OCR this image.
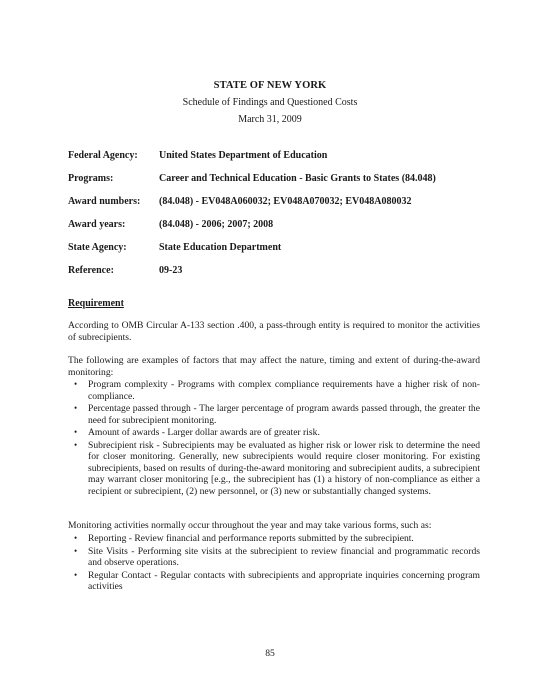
STATE OF NEW YORK
Schedule of Findings and Questioned Costs
March 31, 2009
Federal Agency: United States Department of Education
Programs:	Career and Technical Education - Basic Grants to States (84.048)
Award numbers: (84.048) - EV048A060032; EV048A070032; EV048A080032
Award years:	(84.048) - 2006; 2007; 2008
State Agency:	State Education Department
Reference:	09-23
Requirement
According to OMB Circular A-133 section .400, a pass-through entity is required to monitor the activities of subrecipients.
The following are examples of factors that may affect the nature, timing and extent of during-the-award monitoring:
• Program complexity - Programs with complex compliance requirements have a higher risk of non-compliance.
• Percentage passed through - The larger percentage of program awards passed through, the greater the need for subrecipient monitoring.
• Amount of awards - Larger dollar awards are of greater risk.
• Subrecipient risk - Subrecipients may be evaluated as higher risk or lower risk to determine the need for closer monitoring. Generally, new subrecipients would require closer monitoring. For existing subrecipients, based on results of during-the-award monitoring and subrecipient audits, a subrecipient may warrant closer monitoring [e.g., the subrecipient has (1) a history of non-compliance as either a recipient or subrecipient, (2) new personnel, or (3) new or substantially changed systems.
Monitoring activities normally occur throughout the year and may take various forms, such as:
• Reporting - Review financial and performance reports submitted by the subrecipient.
• Site Visits - Performing site visits at the subrecipient to review financial and programmatic records and observe operations.
• Regular Contact - Regular contacts with subrecipients and appropriate inquiries concerning program activities
85
